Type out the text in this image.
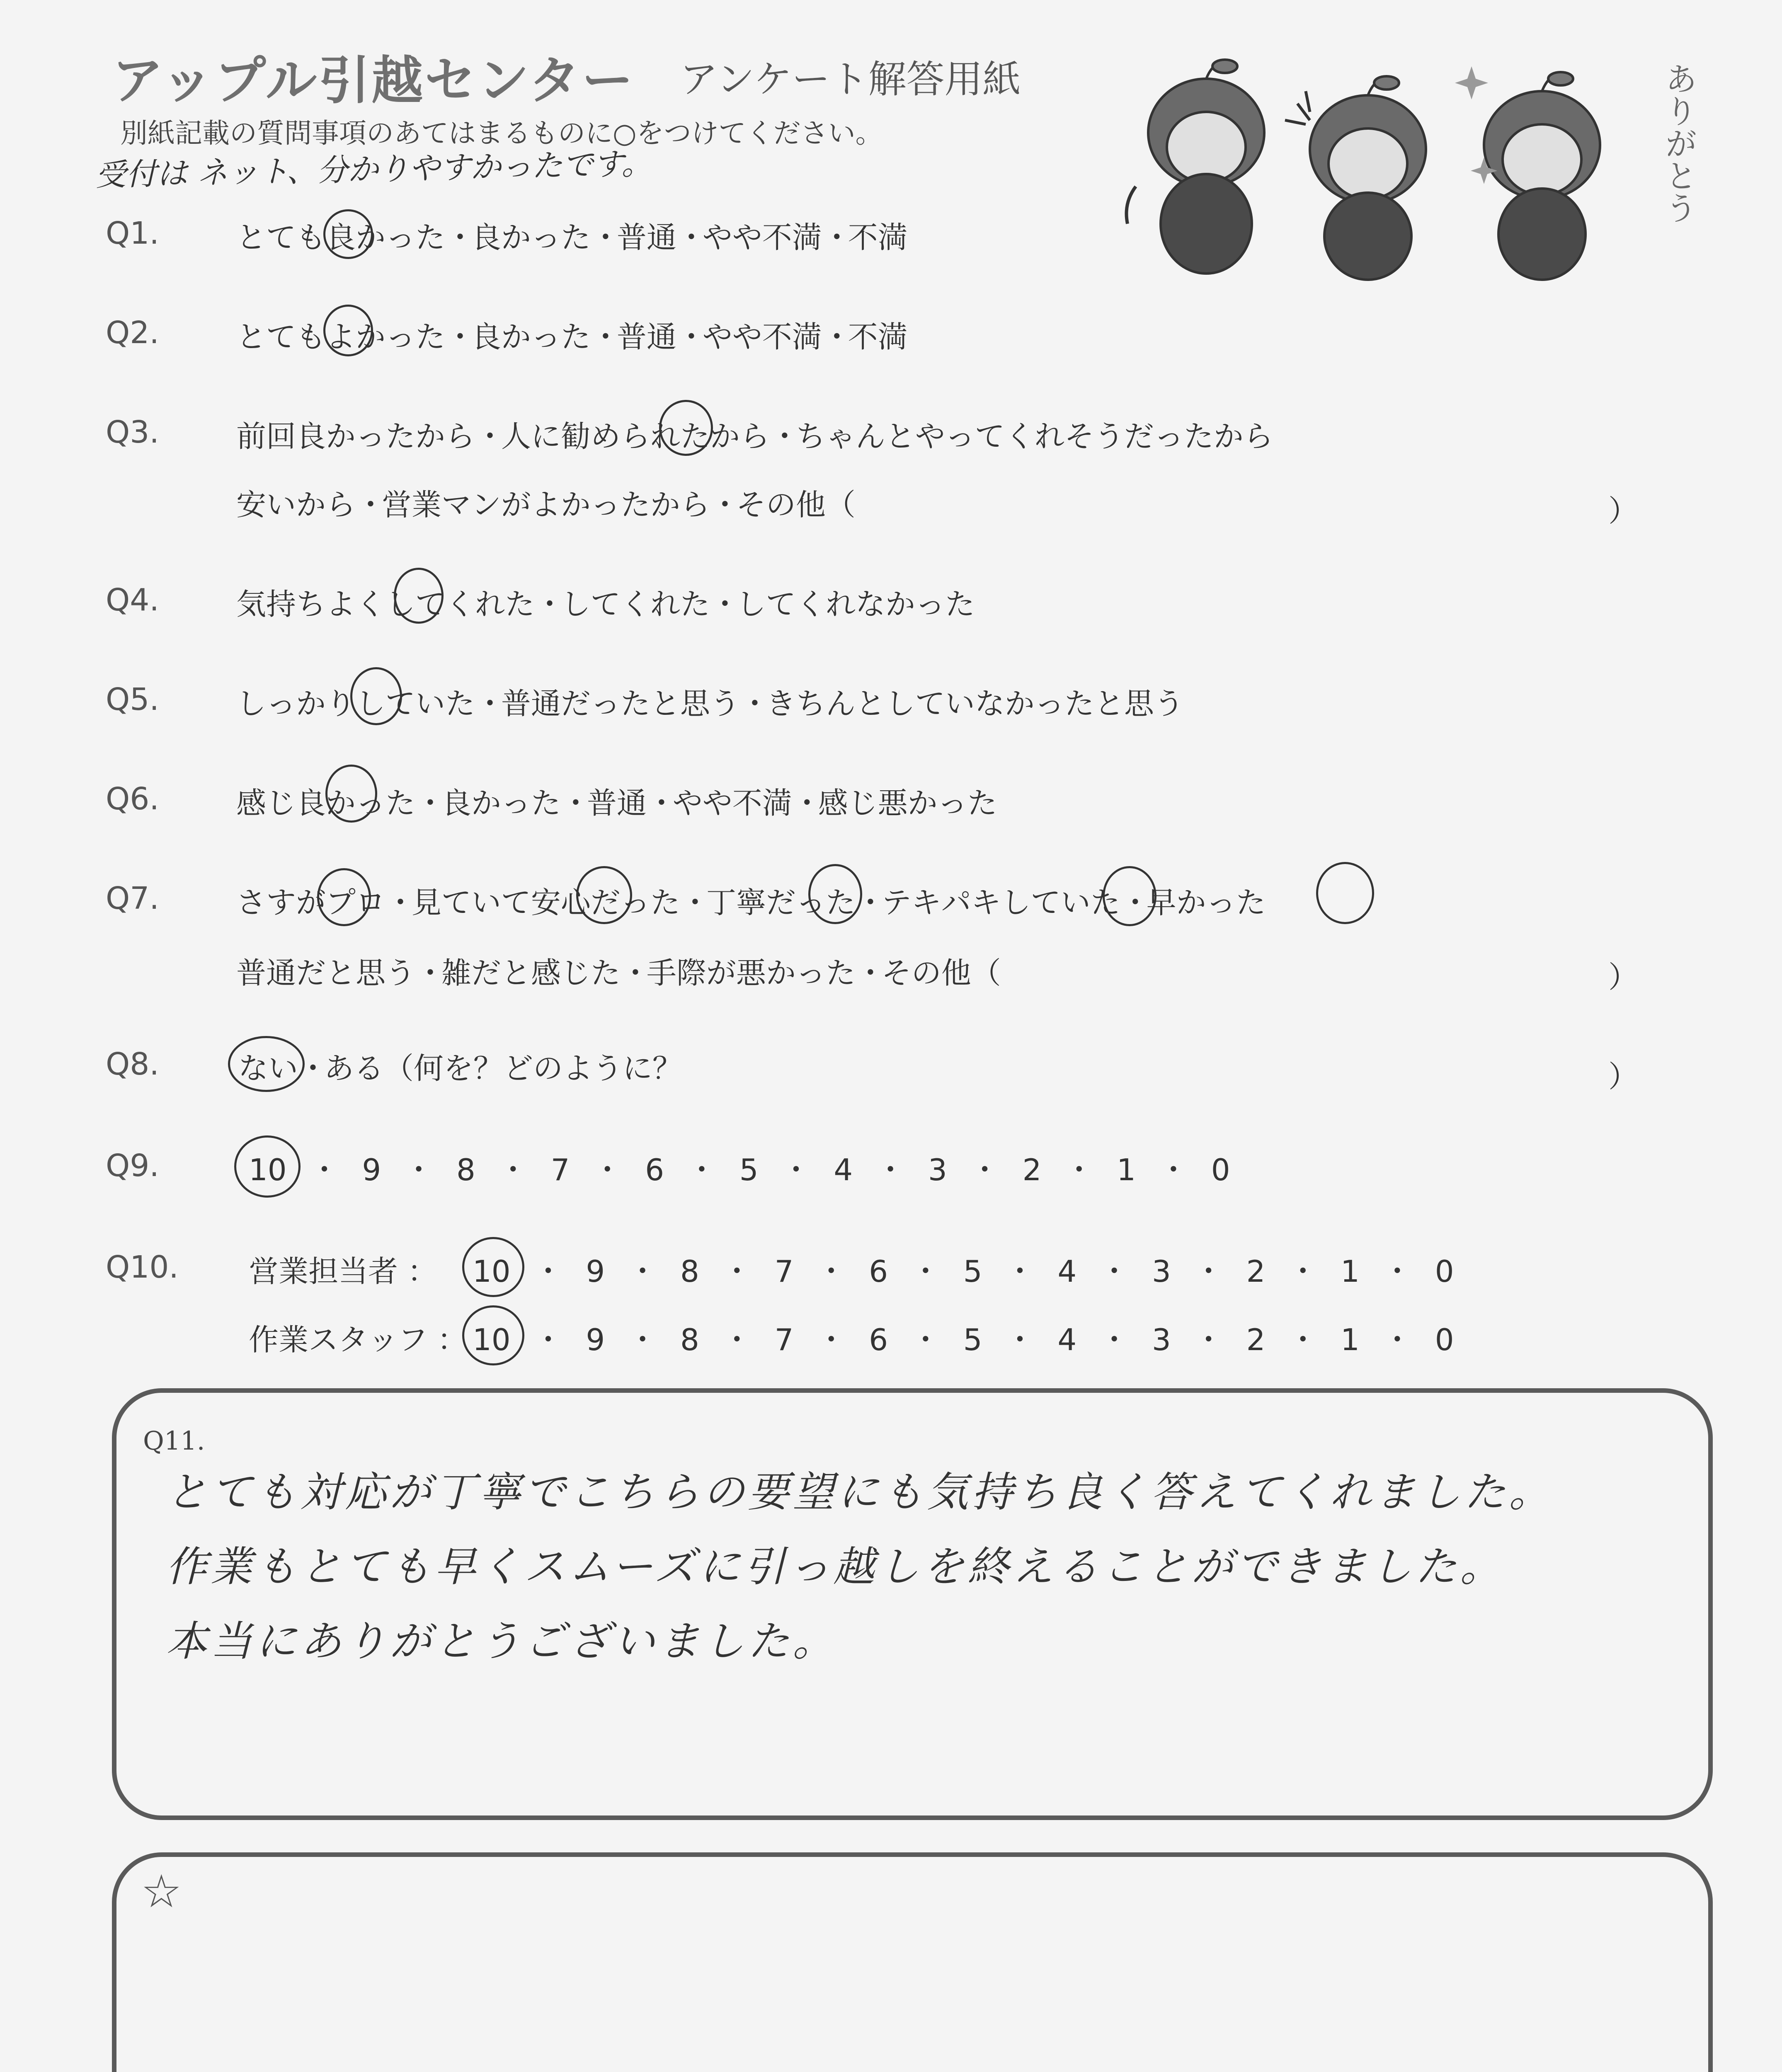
アップル引越センター アンケート解答用紙
別紙記載の質問事項のあてはまるものに○をつけてください。
受付は ネット、分かりやすかったです。	ありがとう
Q1.	とても良かった・ 良かった・ 普通・ やや不満・ 不満
Q2.	とてもよかった・ 良かった・ 普通・ やや不満・ 不満
Q3.	前回良かったから・ 人に勧められたから・ ちゃんとやってくれそうだったから
安いから・ 営業マンがよかったから・ その他（	）
Q4.	気持ちよくしてくれた・ してくれた・ してくれなかった
Q5.	しっかりしていた・ 普通だったと思う・ きちんとしていなかったと思う
Q6.	感じ良かった・ 良かった・ 普通・ やや不満・ 感じ悪かった
Q7.	さすがプロ・ 見ていて安心だった・ 丁寧だった・ テキパキしていた・ 早かった
普通だと思う・ 雑だと感じた・ 手際が悪かった・ その他（	）
Q8.	ない・ ある（何を？どのように？	）
Q9.	10 ・ 9 ・ 8 ・ 7 ・ 6 ・ 5 ・ 4 ・ 3 ・ 2 ・ 1 ・ 0
Q10. 営業担当者 ： 10 ・ 9 ・ 8 ・ 7 ・ 6 ・ 5 ・ 4 ・ 3 ・ 2 ・ 1 ・ 0
作業スタッフ ： 10 ・ 9 ・ 8 ・ 7 ・ 6 ・ 5 ・ 4 ・ 3 ・ 2 ・ 1 ・ 0
Q11.
とても対応が丁寧でこちらの要望にも気持ち良く答えてくれました。
作業もとても早くスムーズに引っ越しを終えることができました。
本当にありがとうございました。
☆
